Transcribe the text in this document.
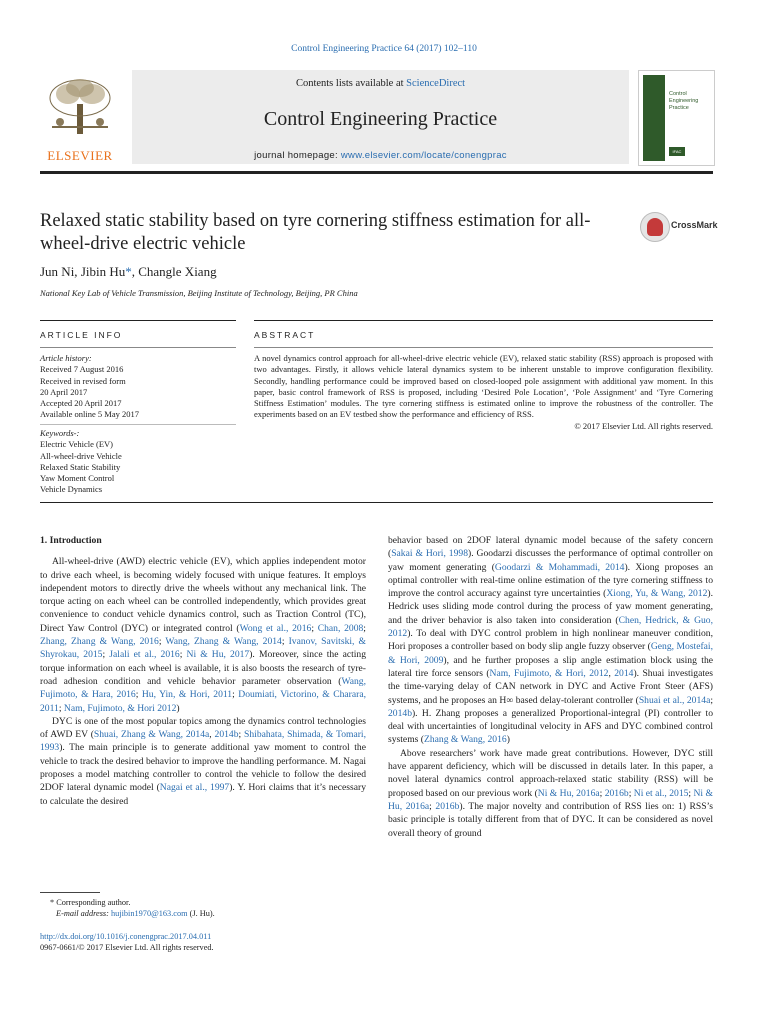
Control Engineering Practice 64 (2017) 102–110
ELSEVIER
Contents lists available at ScienceDirect
Control Engineering Practice
journal homepage: www.elsevier.com/locate/conengprac
Control
Engineering
Practice
IFAC
Relaxed static stability based on tyre cornering stiffness estimation for all-wheel-drive electric vehicle
CrossMark
Jun Ni, Jibin Hu*, Changle Xiang
National Key Lab of Vehicle Transmission, Beijing Institute of Technology, Beijing, PR China
ARTICLE INFO	ABSTRACT
Article history:
Received 7 August 2016
Received in revised form
20 April 2017
Accepted 20 April 2017
Available online 5 May 2017
Keywords-:
Electric Vehicle (EV)
All-wheel-drive Vehicle
Relaxed Static Stability
Yaw Moment Control
Vehicle Dynamics
A novel dynamics control approach for all-wheel-drive electric vehicle (EV), relaxed static stability (RSS) approach is proposed with two advantages. Firstly, it allows vehicle lateral dynamics system to be inherent unstable to improve configuration flexibility. Secondly, handling performance could be improved based on closed-looped pole assignment with additional yaw moment. In this paper, basic control framework of RSS is proposed, including ‘Desired Pole Location’, ‘Pole Assignment’ and ‘Tyre Cornering Stiffness Estimation’ modules. The tyre cornering stiffness is estimated online to improve the robustness of the controller. The experiments based on an EV testbed show the performance and efficiency of RSS.
© 2017 Elsevier Ltd. All rights reserved.
1. Introduction

All-wheel-drive (AWD) electric vehicle (EV), which applies independent motor to drive each wheel, is becoming widely focused with unique features. It employs independent motors to directly drive the wheels without any mechanical link. The torque acting on each wheel can be controlled independently, which provides great convenience to conduct vehicle dynamics control, such as Traction Control (TC), Direct Yaw Control (DYC) or integrated control (Wong et al., 2016; Chan, 2008; Zhang, Zhang & Wang, 2016; Wang, Zhang & Wang, 2014; Ivanov, Savitski, & Shyrokau, 2015; Jalali et al., 2016; Ni & Hu, 2017). Moreover, since the acting torque information on each wheel is available, it is also boosts the research of tyre-road adhesion condition and vehicle behavior parameter observation (Wang, Fujimoto, & Hara, 2016; Hu, Yin, & Hori, 2011; Doumiati, Victorino, & Charara, 2011; Nam, Fujimoto, & Hori 2012)

DYC is one of the most popular topics among the dynamics control technologies of AWD EV (Shuai, Zhang & Wang, 2014a, 2014b; Shibahata, Shimada, & Tomari, 1993). The main principle is to generate additional yaw moment to control the vehicle to track the desired behavior to improve the handling performance. M. Nagai proposes a model matching controller to control the vehicle to follow the desired 2DOF lateral dynamic model (Nagai et al., 1997). Y. Hori claims that it’s necessary to calculate the desired

behavior based on 2DOF lateral dynamic model because of the safety concern (Sakai & Hori, 1998). Goodarzi discusses the performance of optimal controller on yaw moment generating (Goodarzi & Mohammadi, 2014). Xiong proposes an optimal controller with real-time online estimation of the tyre cornering stiffness to improve the control accuracy against tyre uncertainties (Xiong, Yu, & Wang, 2012). Hedrick uses sliding mode control during the process of yaw moment generating, and the driver behavior is also taken into consideration (Chen, Hedrick, & Guo, 2012). To deal with DYC control problem in high nonlinear maneuver condition, Hori proposes a controller based on body slip angle fuzzy observer (Geng, Mostefai, & Hori, 2009), and he further proposes a slip angle estimation block using the lateral tire force sensors (Nam, Fujimoto, & Hori, 2012, 2014). Shuai investigates the time-varying delay of CAN network in DYC and Active Front Steer (AFS) systems, and he proposes an H∞ based delay-tolerant controller (Shuai et al., 2014a; 2014b). H. Zhang proposes a generalized Proportional-integral (PI) controller to deal with uncertainties of longitudinal velocity in AFS and DYC combined control systems (Zhang & Wang, 2016)

Above researchers’ work have made great contributions. However, DYC still have apparent deficiency, which will be discussed in details later. In this paper, a novel lateral dynamics control approach-relaxed static stability (RSS) will be proposed based on our previous work (Ni & Hu, 2016a; 2016b; Ni et al., 2015; Ni & Hu, 2016a; 2016b). The major novelty and contribution of RSS lies on: 1) RSS’s basic principle is totally different from that of DYC. It can be considered as novel overall theory of ground

* Corresponding author.
E-mail address: hujibin1970@163.com (J. Hu).
http://dx.doi.org/10.1016/j.conengprac.2017.04.011
0967-0661/© 2017 Elsevier Ltd. All rights reserved.
